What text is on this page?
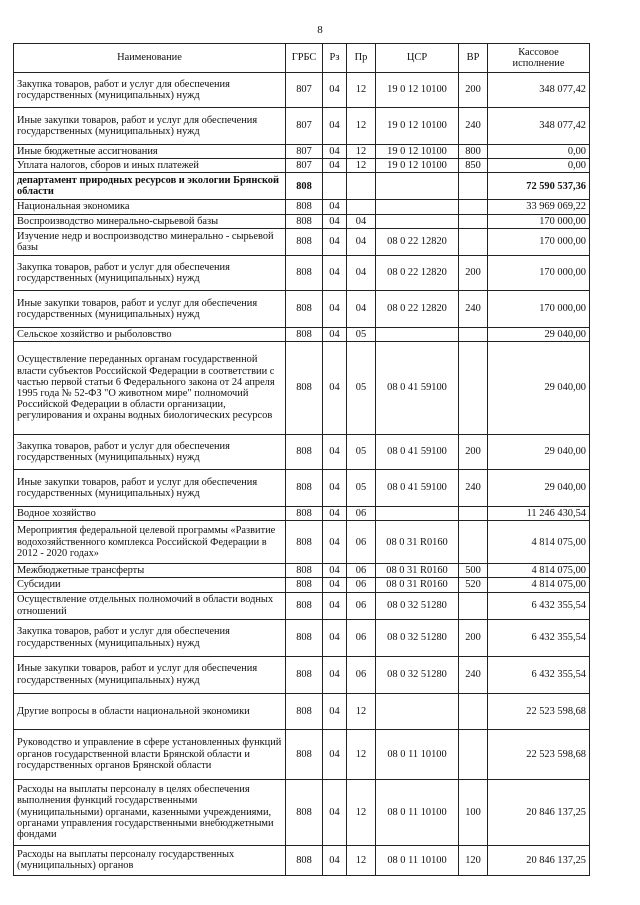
8
Наименование	ГРБС	Рз	Пр	ЦСР	ВР	Кассовое исполнение
Закупка товаров, работ и услуг для обеспечения государственных (муниципальных) нужд	807	04	12	19 0 12 10100	200	348 077,42
Иные закупки товаров, работ и услуг для обеспечения государственных (муниципальных) нужд	807	04	12	19 0 12 10100	240	348 077,42
Иные бюджетные ассигнования	807	04	12	19 0 12 10100	800	0,00
Уплата налогов, сборов и иных платежей	807	04	12	19 0 12 10100	850	0,00
департамент природных ресурсов и экологии Брянской области	808					72 590 537,36
Национальная экономика	808	04				33 969 069,22
Воспроизводство минерально-сырьевой базы	808	04	04			170 000,00
Изучение недр и воспроизводство минерально - сырьевой базы	808	04	04	08 0 22 12820		170 000,00
Закупка товаров, работ и услуг для обеспечения государственных (муниципальных) нужд	808	04	04	08 0 22 12820	200	170 000,00
Иные закупки товаров, работ и услуг для обеспечения государственных (муниципальных) нужд	808	04	04	08 0 22 12820	240	170 000,00
Сельское хозяйство и рыболовство	808	04	05			29 040,00
Осуществление переданных органам государственной власти субъектов Российской Федерации в соответствии с частью первой статьи 6 Федерального закона от 24 апреля 1995 года № 52-ФЗ "О животном мире" полномочий Российской Федерации в области организации, регулирования и охраны водных биологических ресурсов	808	04	05	08 0 41 59100		29 040,00
Закупка товаров, работ и услуг для обеспечения государственных (муниципальных) нужд	808	04	05	08 0 41 59100	200	29 040,00
Иные закупки товаров, работ и услуг для обеспечения государственных (муниципальных) нужд	808	04	05	08 0 41 59100	240	29 040,00
Водное хозяйство	808	04	06			11 246 430,54
Мероприятия федеральной целевой программы «Развитие водохозяйственного комплекса Российской Федерации в 2012 - 2020 годах»	808	04	06	08 0 31 R0160		4 814 075,00
Межбюджетные трансферты	808	04	06	08 0 31 R0160	500	4 814 075,00
Субсидии	808	04	06	08 0 31 R0160	520	4 814 075,00
Осуществление отдельных полномочий в области водных отношений	808	04	06	08 0 32 51280		6 432 355,54
Закупка товаров, работ и услуг для обеспечения государственных (муниципальных) нужд	808	04	06	08 0 32 51280	200	6 432 355,54
Иные закупки товаров, работ и услуг для обеспечения государственных (муниципальных) нужд	808	04	06	08 0 32 51280	240	6 432 355,54
Другие вопросы в области национальной экономики	808	04	12			22 523 598,68
Руководство и управление в сфере установленных функций органов государственной власти Брянской области и государственных органов Брянской области	808	04	12	08 0 11 10100		22 523 598,68
Расходы на выплаты персоналу в целях обеспечения выполнения функций государственными (муниципальными) органами, казенными учреждениями, органами управления государственными внебюджетными фондами	808	04	12	08 0 11 10100	100	20 846 137,25
Расходы на выплаты персоналу государственных (муниципальных) органов	808	04	12	08 0 11 10100	120	20 846 137,25
